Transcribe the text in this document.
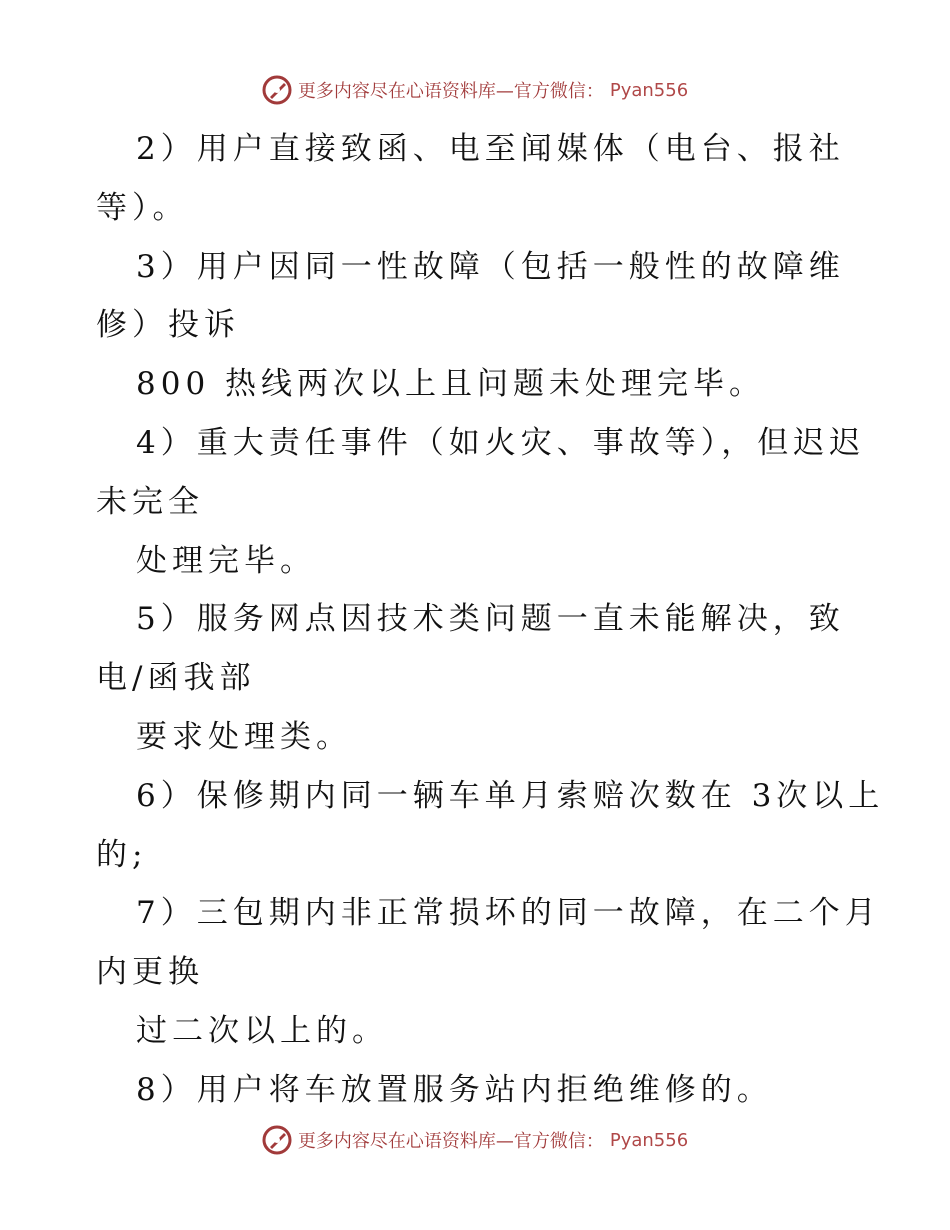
更多内容尽在心语资料库—官方微信： Pyan556
2）用户直接致函、电至闻媒体（电台、报社
等）。
3）用户因同一性故障（包括一般性的故障维
修）投诉
800 热线两次以上且问题未处理完毕。
4）重大责任事件（如火灾、事故等），但迟迟
未完全
处理完毕。
5）服务网点因技术类问题一直未能解决，致
电/函我部
要求处理类。
6）保修期内同一辆车单月索赔次数在 3次以上
的;
7）三包期内非正常损坏的同一故障，在二个月
内更换
过二次以上的。
8）用户将车放置服务站内拒绝维修的。
更多内容尽在心语资料库—官方微信： Pyan556
